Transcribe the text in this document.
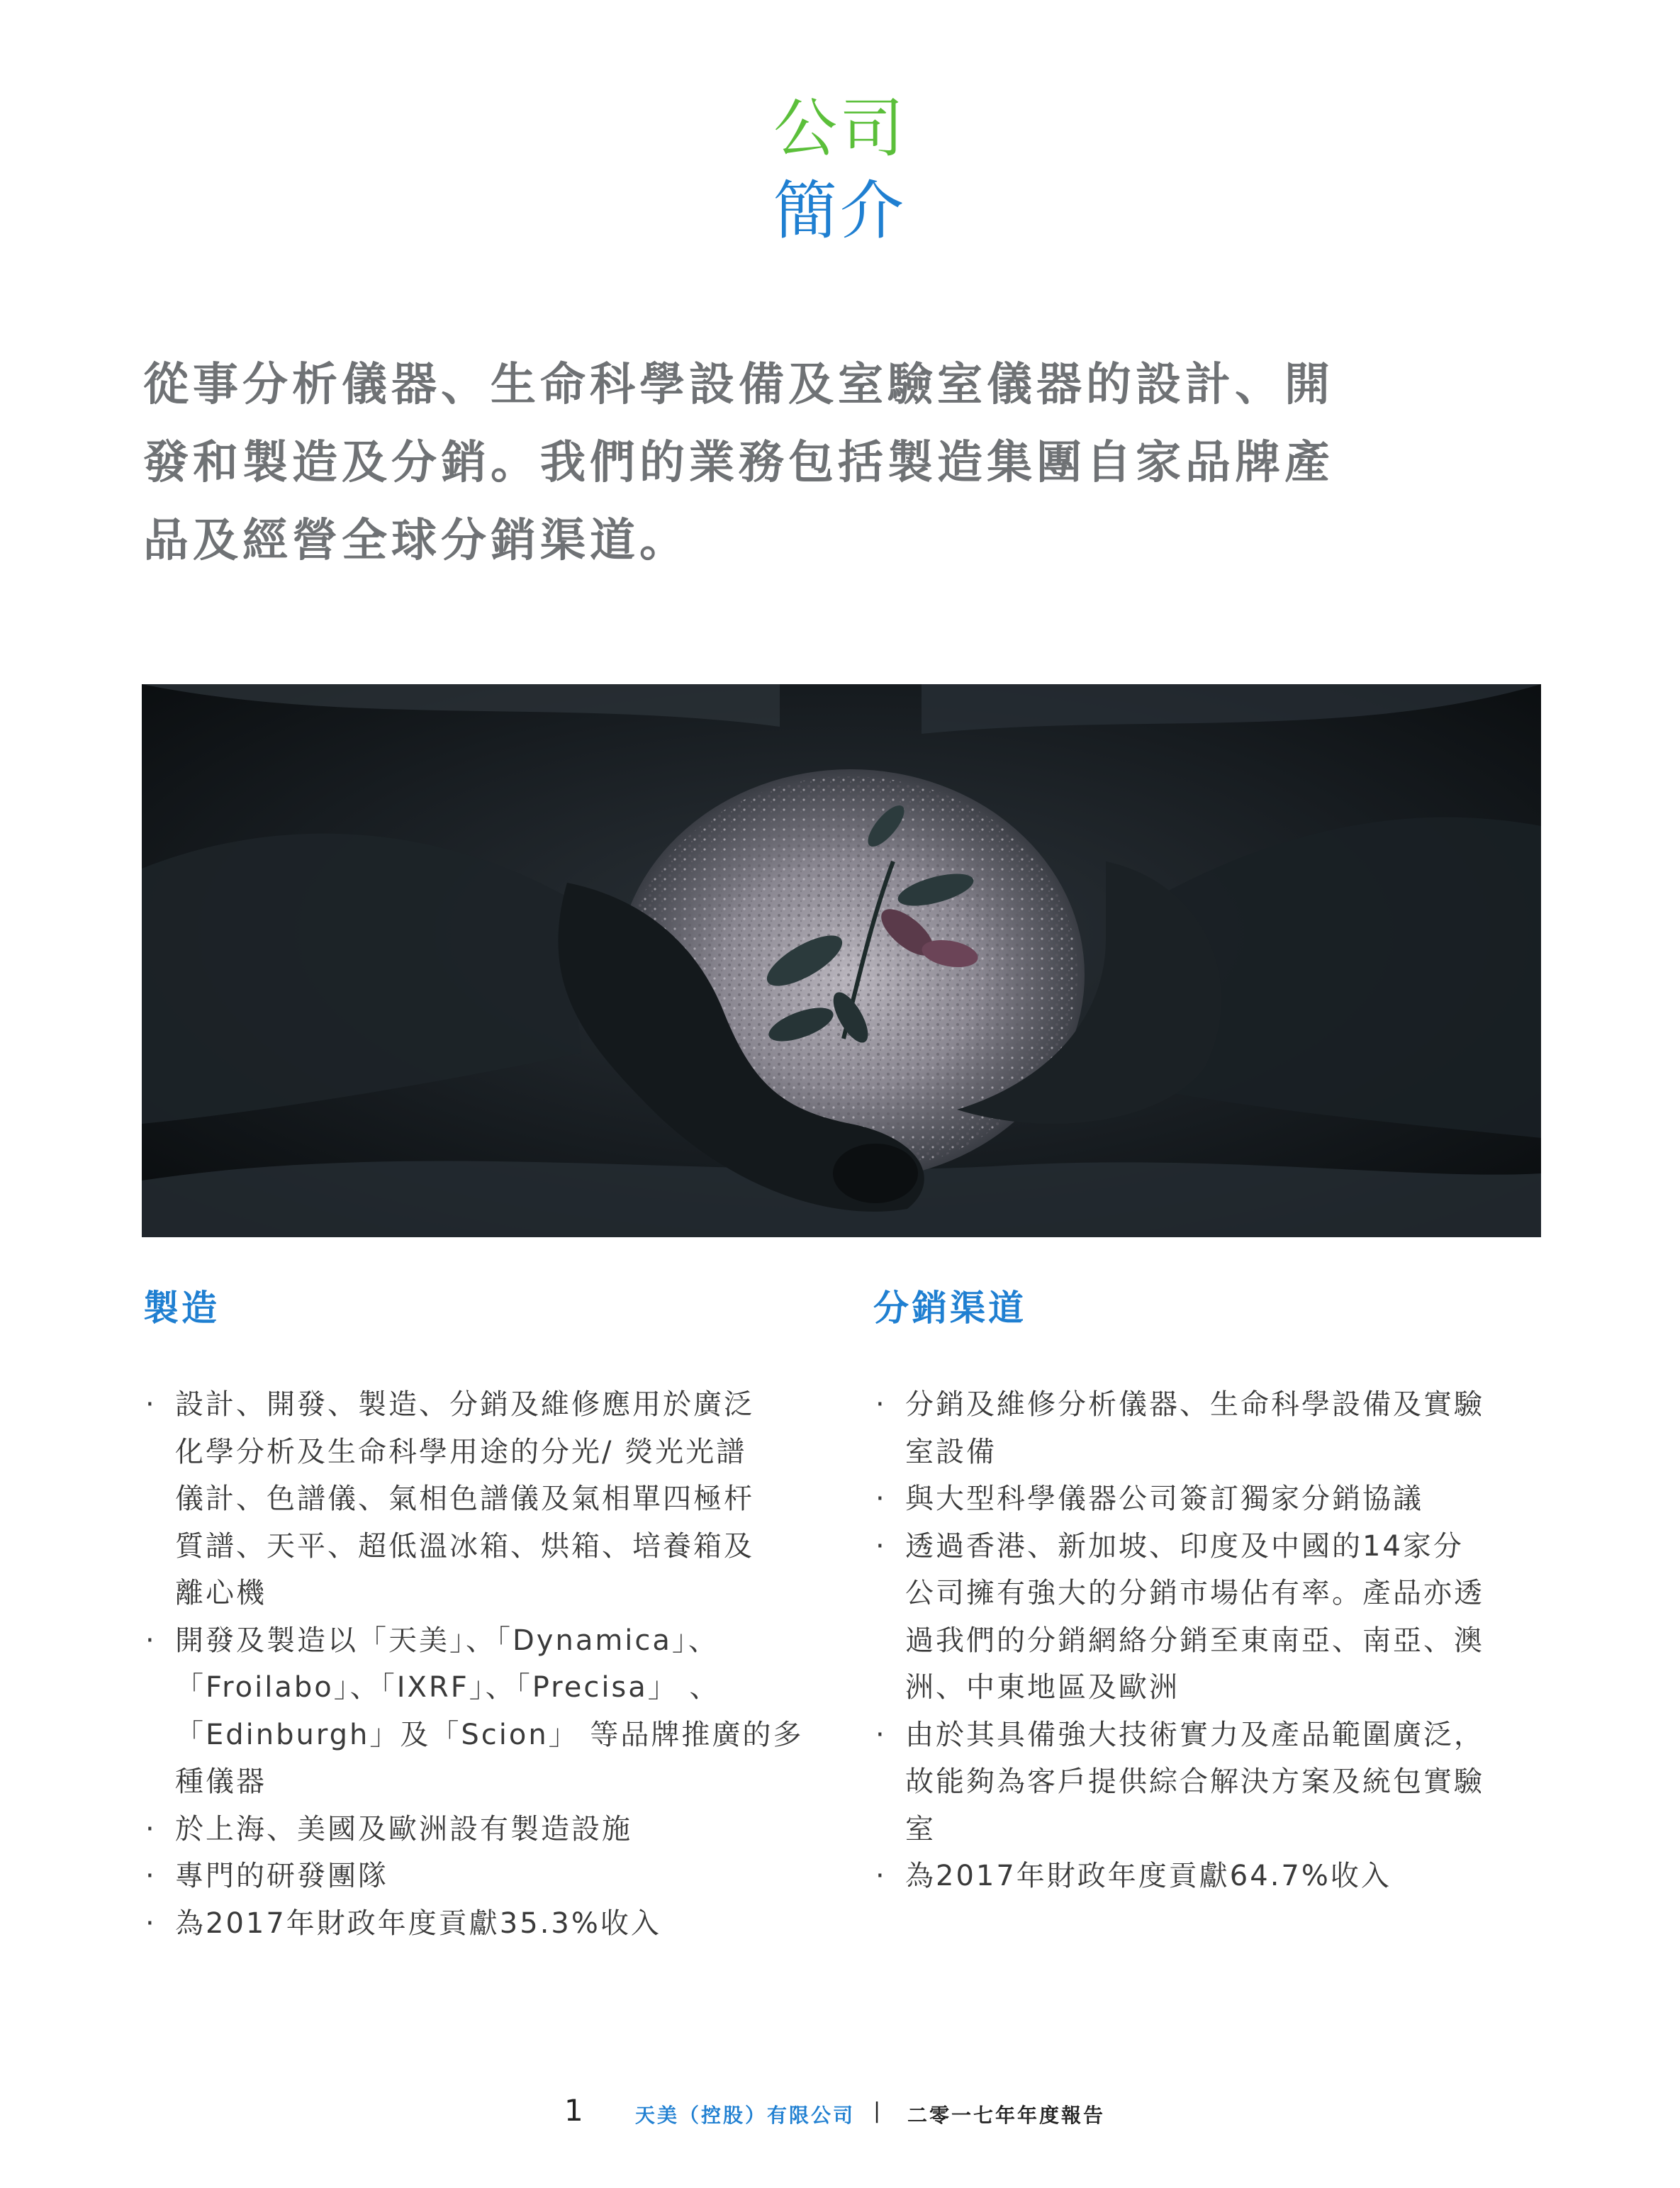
公司
簡介
從事分析儀器、生命科學設備及室驗室儀器的設計、開
發和製造及分銷。我們的業務包括製造集團自家品牌產
品及經營全球分銷渠道。
製造	分銷渠道
· 設計、開發、製造、分銷及維修應用於廣泛
化學分析及生命科學用途的分光/ 熒光光譜
儀計、色譜儀、氣相色譜儀及氣相單四極杆
質譜、天平、超低溫冰箱、烘箱、培養箱及
離心機
· 開發及製造以「天美」、「Dynamica」、
「Froilabo」、「IXRF」、「Precisa」 、
「Edinburgh」及「Scion」 等品牌推廣的多
種儀器
· 於上海、美國及歐洲設有製造設施
· 專門的研發團隊
· 為2017年財政年度貢獻35.3%收入
· 分銷及維修分析儀器、生命科學設備及實驗
室設備
· 與大型科學儀器公司簽訂獨家分銷協議
· 透過香港、新加坡、印度及中國的14家分
公司擁有強大的分銷市場佔有率。產品亦透
過我們的分銷網絡分銷至東南亞、南亞、澳
洲、中東地區及歐洲
· 由於其具備強大技術實力及產品範圍廣泛，
故能夠為客戶提供綜合解決方案及統包實驗
室
· 為2017年財政年度貢獻64.7%收入
1	天美（控股）有限公司 | 二零一七年年度報告
